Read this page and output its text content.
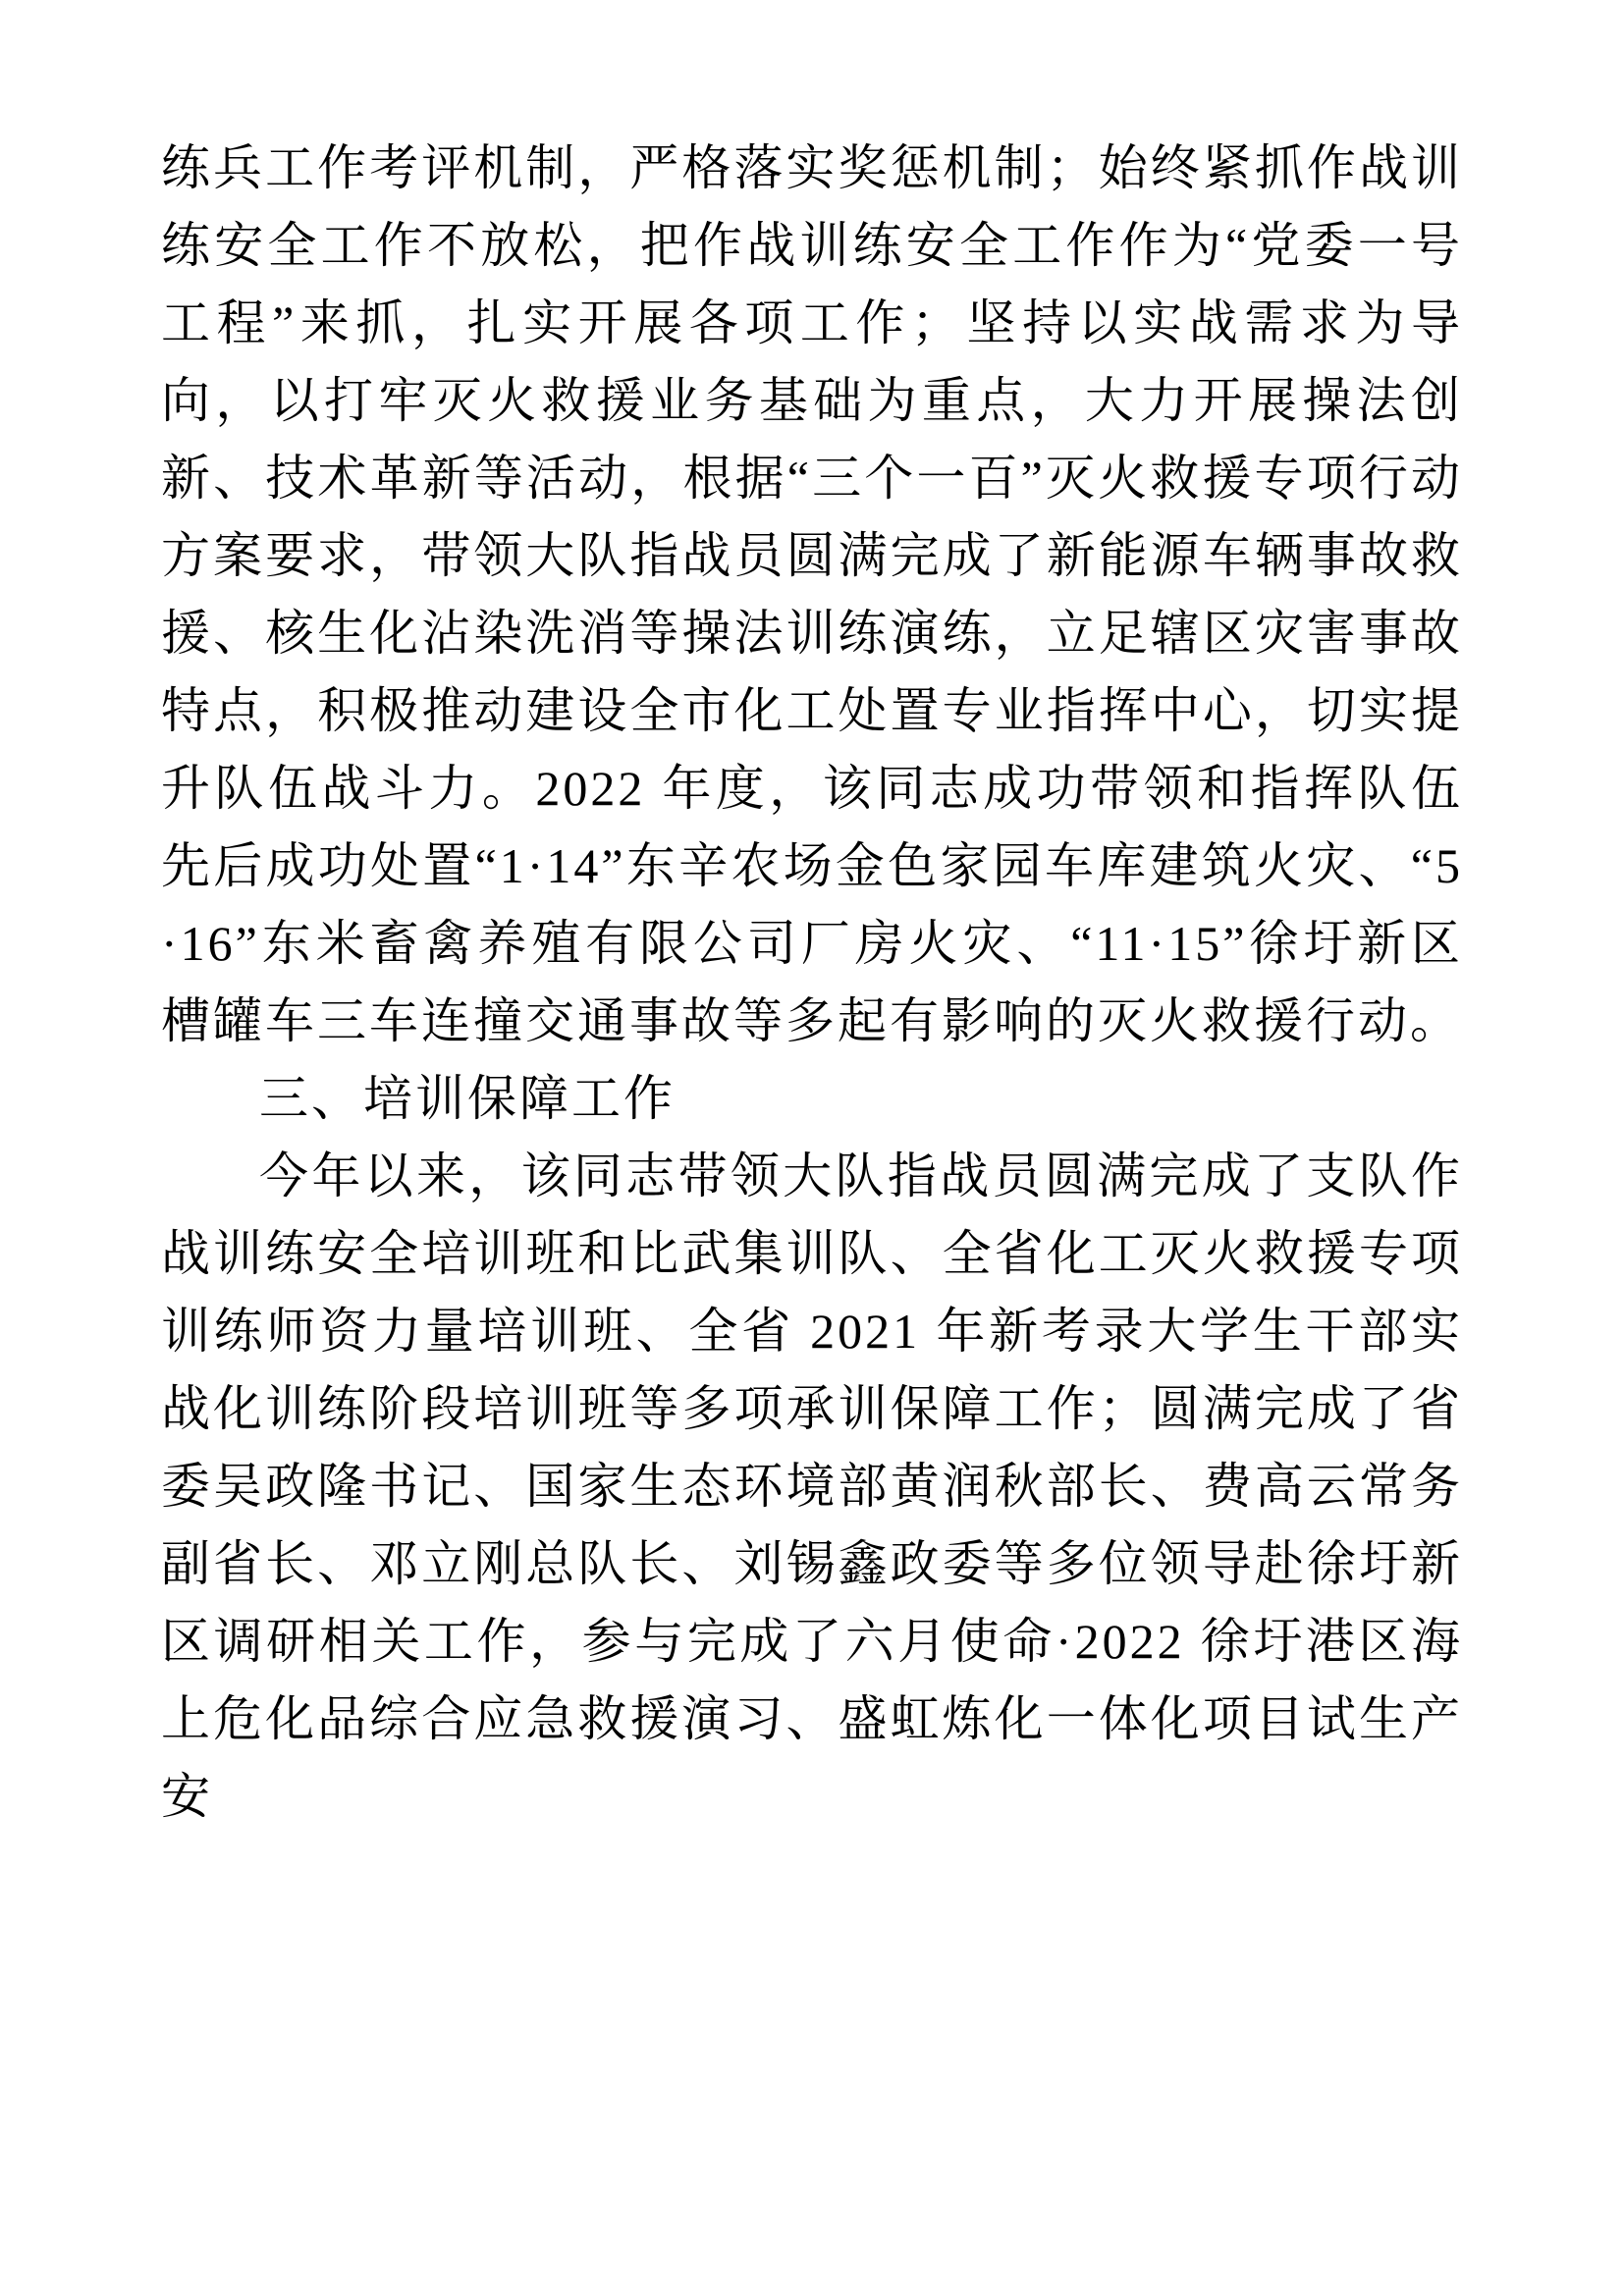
练兵工作考评机制，严格落实奖惩机制；始终紧抓作战训练安全工作不放松，把作战训练安全工作作为“党委一号工程”来抓，扎实开展各项工作；坚持以实战需求为导向，以打牢灭火救援业务基础为重点，大力开展操法创新、技术革新等活动，根据“三个一百”灭火救援专项行动方案要求，带领大队指战员圆满完成了新能源车辆事故救援、核生化沾染洗消等操法训练演练，立足辖区灾害事故特点，积极推动建设全市化工处置专业指挥中心，切实提升队伍战斗力。2022 年度，该同志成功带领和指挥队伍先后成功处置“1·14”东辛农场金色家园车库建筑火灾、“5·16”东米畜禽养殖有限公司厂房火灾、“11·15”徐圩新区槽罐车三车连撞交通事故等多起有影响的灭火救援行动。

三、培训保障工作

今年以来，该同志带领大队指战员圆满完成了支队作战训练安全培训班和比武集训队、全省化工灭火救援专项训练师资力量培训班、全省 2021 年新考录大学生干部实战化训练阶段培训班等多项承训保障工作；圆满完成了省委吴政隆书记、国家生态环境部黄润秋部长、费高云常务副省长、邓立刚总队长、刘锡鑫政委等多位领导赴徐圩新区调研相关工作，参与完成了六月使命·2022 徐圩港区海上危化品综合应急救援演习、盛虹炼化一体化项目试生产安
